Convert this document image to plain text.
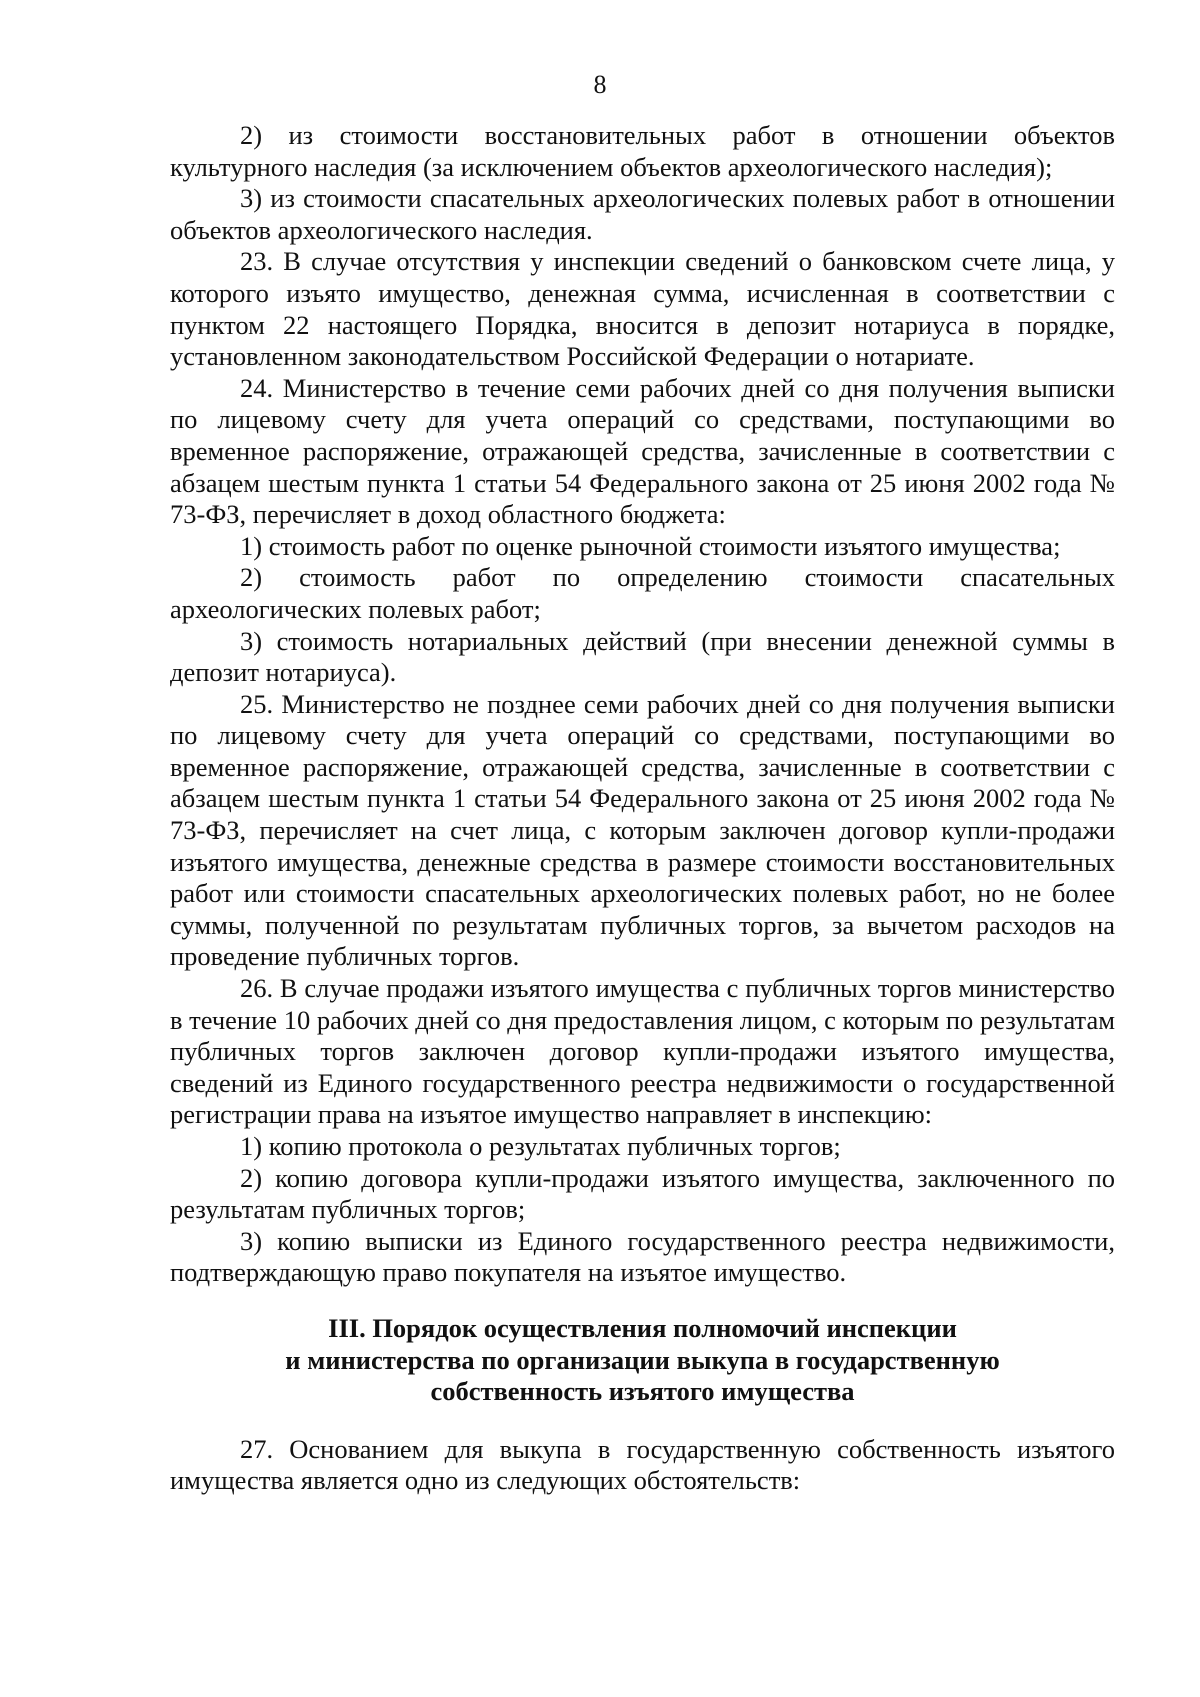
8

2) из стоимости восстановительных работ в отношении объектов культурного наследия (за исключением объектов археологического наследия);

3) из стоимости спасательных археологических полевых работ в отношении объектов археологического наследия.

23. В случае отсутствия у инспекции сведений о банковском счете лица, у которого изъято имущество, денежная сумма, исчисленная в соответствии с пунктом 22 настоящего Порядка, вносится в депозит нотариуса в порядке, установленном законодательством Российской Федерации о нотариате.

24. Министерство в течение семи рабочих дней со дня получения выписки по лицевому счету для учета операций со средствами, поступающими во временное распоряжение, отражающей средства, зачисленные в соответствии с абзацем шестым пункта 1 статьи 54 Федерального закона от 25 июня 2002 года № 73-ФЗ, перечисляет в доход областного бюджета:

1) стоимость работ по оценке рыночной стоимости изъятого имущества;

2) стоимость работ по определению стоимости спасательных археологических полевых работ;

3) стоимость нотариальных действий (при внесении денежной суммы в депозит нотариуса).

25. Министерство не позднее семи рабочих дней со дня получения выписки по лицевому счету для учета операций со средствами, поступающими во временное распоряжение, отражающей средства, зачисленные в соответствии с абзацем шестым пункта 1 статьи 54 Федерального закона от 25 июня 2002 года № 73-ФЗ, перечисляет на счет лица, с которым заключен договор купли-продажи изъятого имущества, денежные средства в размере стоимости восстановительных работ или стоимости спасательных археологических полевых работ, но не более суммы, полученной по результатам публичных торгов, за вычетом расходов на проведение публичных торгов.

26. В случае продажи изъятого имущества с публичных торгов министерство в течение 10 рабочих дней со дня предоставления лицом, с которым по результатам публичных торгов заключен договор купли-продажи изъятого имущества, сведений из Единого государственного реестра недвижимости о государственной регистрации права на изъятое имущество направляет в инспекцию:

1) копию протокола о результатах публичных торгов;

2) копию договора купли-продажи изъятого имущества, заключенного по результатам публичных торгов;

3) копию выписки из Единого государственного реестра недвижимости, подтверждающую право покупателя на изъятое имущество.

III. Порядок осуществления полномочий инспекции
и министерства по организации выкупа в государственную
собственность изъятого имущества

27. Основанием для выкупа в государственную собственность изъятого имущества является одно из следующих обстоятельств:
